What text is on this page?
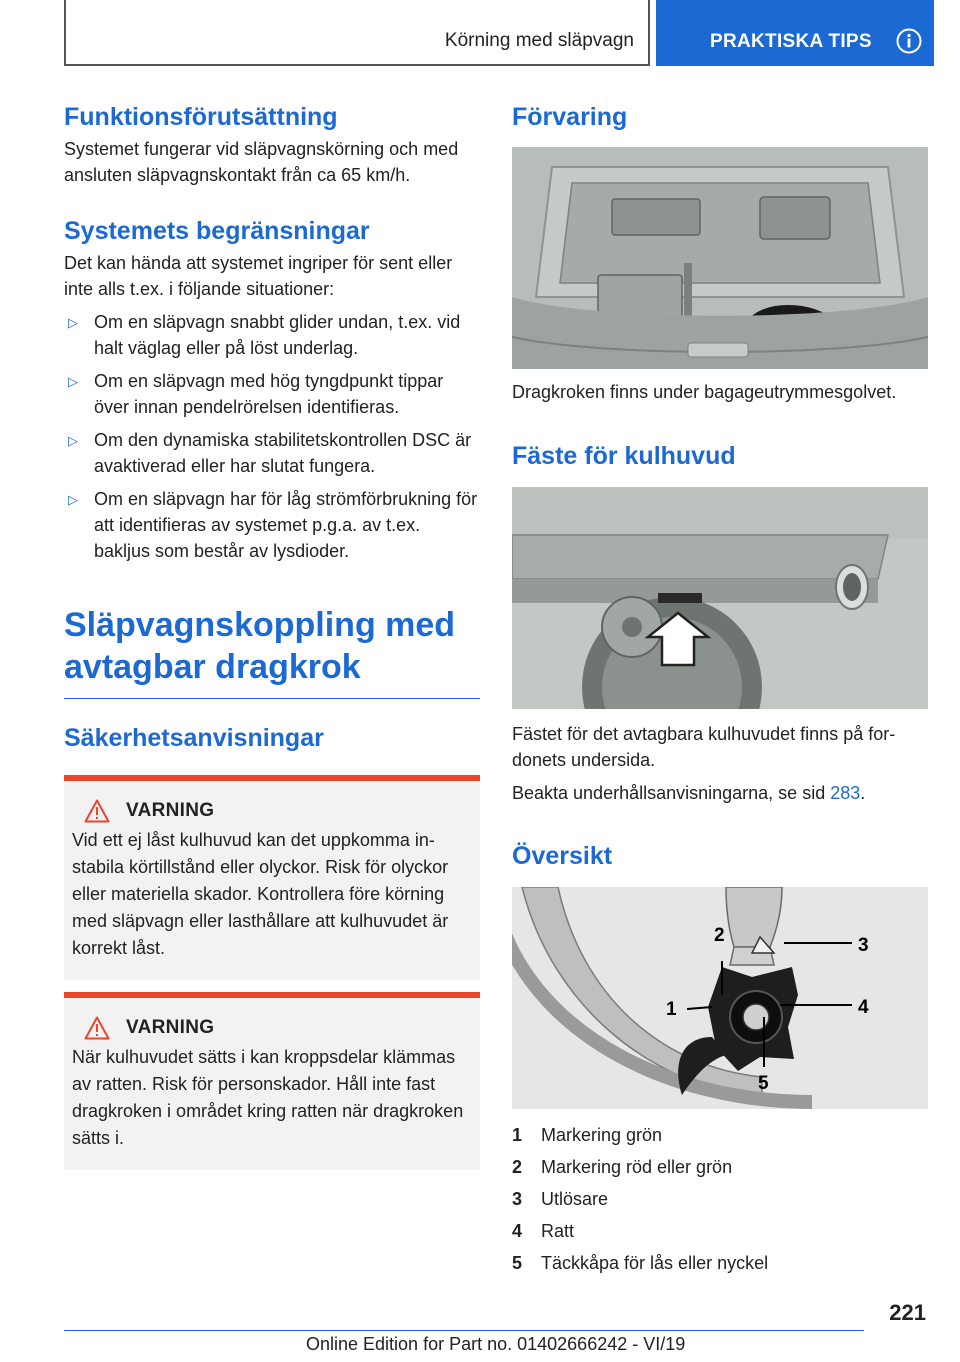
Körning med släpvagn	PRAKTISKA TIPS
Funktionsförutsättning

Systemet fungerar vid släpvagnskörning och med ansluten släpvagnskontakt från ca 65 km/h.

Systemets begränsningar

Det kan hända att systemet ingriper för sent eller inte alls t.ex. i följande situationer:

▷ Om en släpvagn snabbt glider undan, t.ex. vid halt väglag eller på löst underlag.
▷ Om en släpvagn med hög tyngdpunkt tippar över innan pendelrörelsen identifieras.
▷ Om den dynamiska stabilitetskontrollen DSC är avaktiverad eller har slutat fungera.
▷ Om en släpvagn har för låg strömförbrukning för att identifieras av systemet p.g.a. av t.ex. bakljus som består av lysdioder.
Släpvagnskoppling med avtagbar dragkrok
Säkerhetsanvisningar
VARNING

Vid ett ej låst kulhuvud kan det uppkomma instabila körtillstånd eller olyckor. Risk för olyckor eller materiella skador. Kontrollera före körning med släpvagn eller lasthållare att kulhuvudet är korrekt låst.

VARNING

När kulhuvudet sätts i kan kroppsdelar klämmas av ratten. Risk för personskador. Håll inte fast dragkroken i området kring ratten när dragkroken sätts i.

Förvaring

Dragkroken finns under bagageutrymmesgolvet.

Fäste för kulhuvud

Fästet för det avtagbara kulhuvudet finns på fordonets undersida.

Beakta underhållsanvisningarna, se sid 283.

Översikt
2	3
1	4
5
1	Markering grön
2	Markering röd eller grön
3	Utlösare
4	Ratt
5	Täckkåpa för lås eller nyckel
221
Online Edition for Part no. 01402666242 - VI/19
